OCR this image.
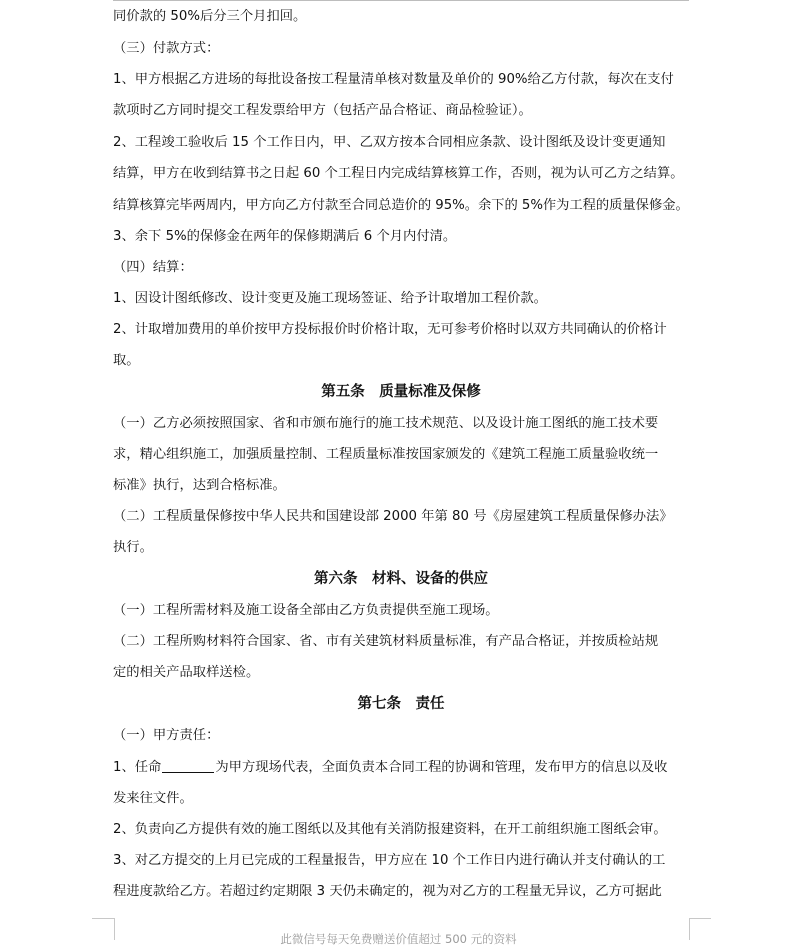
同价款的 50%后分三个月扣回。
（三）付款方式：
1、甲方根据乙方进场的每批设备按工程量清单核对数量及单价的 90%给乙方付款，每次在支付
款项时乙方同时提交工程发票给甲方（包括产品合格证、商品检验证）。
2、工程竣工验收后 15 个工作日内，甲、乙双方按本合同相应条款、设计图纸及设计变更通知
结算，甲方在收到结算书之日起 60 个工程日内完成结算核算工作，否则，视为认可乙方之结算。
结算核算完毕两周内，甲方向乙方付款至合同总造价的 95%。余下的 5%作为工程的质量保修金。
3、余下 5%的保修金在两年的保修期满后 6 个月内付清。
（四）结算：
1、因设计图纸修改、设计变更及施工现场签证、给予计取增加工程价款。
2、计取增加费用的单价按甲方投标报价时价格计取，无可参考价格时以双方共同确认的价格计
取。
第五条　质量标准及保修
（一）乙方必须按照国家、省和市颁布施行的施工技术规范、以及设计施工图纸的施工技术要
求，精心组织施工，加强质量控制、工程质量标准按国家颁发的《建筑工程施工质量验收统一
标准》执行，达到合格标准。
（二）工程质量保修按中华人民共和国建设部 2000 年第 80 号《房屋建筑工程质量保修办法》
执行。
第六条　材料、设备的供应
（一）工程所需材料及施工设备全部由乙方负责提供至施工现场。
（二）工程所购材料符合国家、省、市有关建筑材料质量标准，有产品合格证，并按质检站规
定的相关产品取样送检。
第七条　责任
（一）甲方责任：
1、任命	为甲方现场代表，全面负责本合同工程的协调和管理，发布甲方的信息以及收
发来往文件。
2、负责向乙方提供有效的施工图纸以及其他有关消防报建资料，在开工前组织施工图纸会审。
3、对乙方提交的上月已完成的工程量报告，甲方应在 10 个工作日内进行确认并支付确认的工
程进度款给乙方。若超过约定期限 3 天仍未确定的，视为对乙方的工程量无异议，乙方可据此
此微信号每天免费赠送价值超过 500 元的资料
